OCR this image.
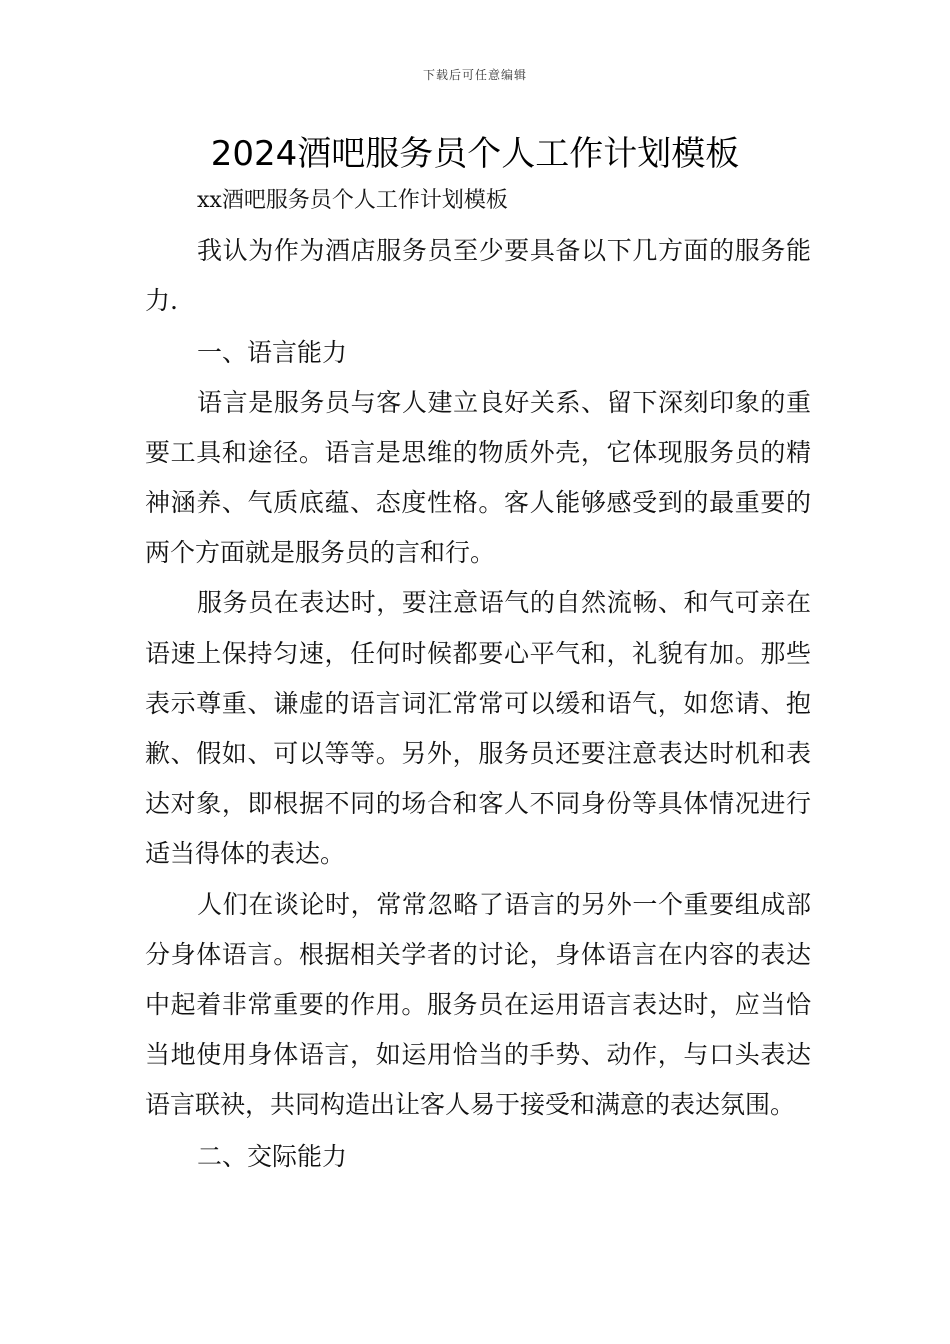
下载后可任意编辑
2024酒吧服务员个人工作计划模板

xx酒吧服务员个人工作计划模板

我认为作为酒店服务员至少要具备以下几方面的服务能力.

一、语言能力

语言是服务员与客人建立良好关系、留下深刻印象的重要工具和途径。语言是思维的物质外壳，它体现服务员的精神涵养、气质底蕴、态度性格。客人能够感受到的最重要的两个方面就是服务员的言和行。

服务员在表达时，要注意语气的自然流畅、和气可亲在语速上保持匀速，任何时候都要心平气和，礼貌有加。那些表示尊重、谦虚的语言词汇常常可以缓和语气，如您请、抱歉、假如、可以等等。另外，服务员还要注意表达时机和表达对象，即根据不同的场合和客人不同身份等具体情况进行适当得体的表达。

人们在谈论时，常常忽略了语言的另外一个重要组成部分身体语言。根据相关学者的讨论，身体语言在内容的表达中起着非常重要的作用。服务员在运用语言表达时，应当恰当地使用身体语言，如运用恰当的手势、动作，与口头表达语言联袂，共同构造出让客人易于接受和满意的表达氛围。

二、交际能力
